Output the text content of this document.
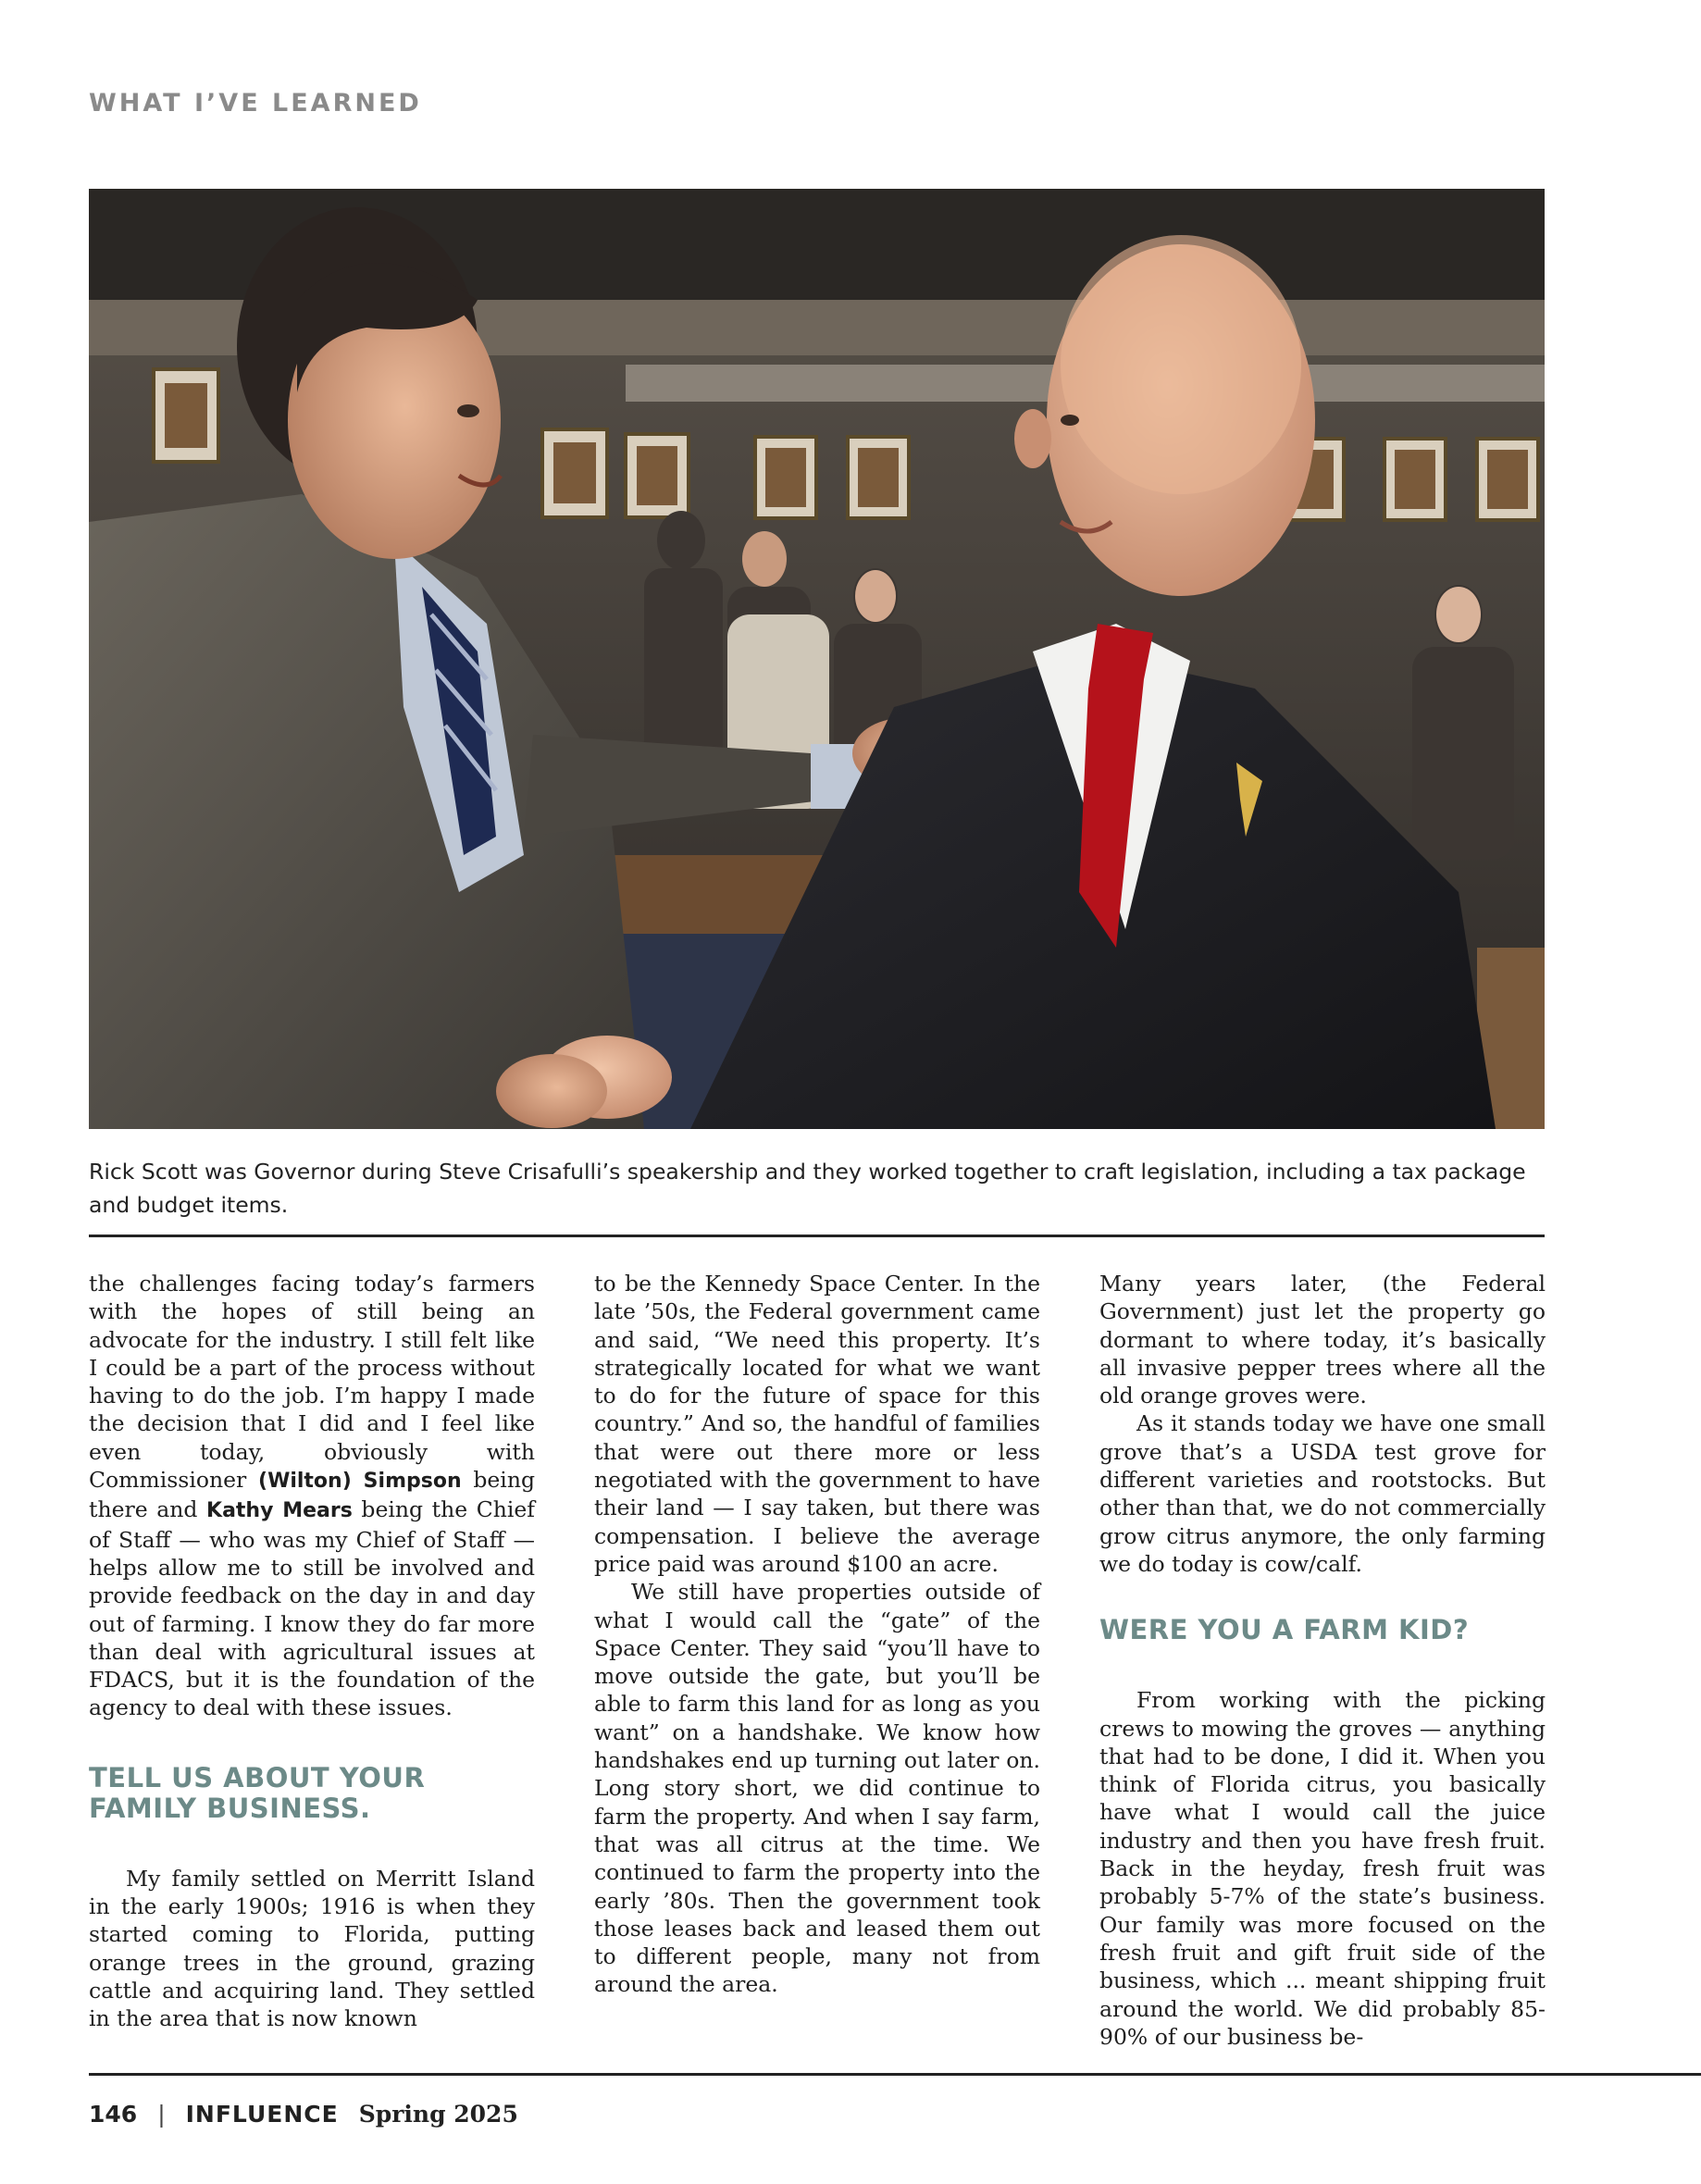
WHAT I’VE LEARNED

Rick Scott was Governor during Steve Crisafulli’s speakership and they worked together to craft legislation, including a tax package and budget items.

the challenges facing today’s farmers with the hopes of still being an advocate for the industry. I still felt like I could be a part of the process without having to do the job. I’m happy I made the decision that I did and I feel like even today, obviously with Commissioner (Wilton) Simpson being there and Kathy Mears being the Chief of Staff — who was my Chief of Staff — helps allow me to still be involved and provide feedback on the day in and day out of farming. I know they do far more than deal with agricultural issues at FDACS, but it is the foundation of the agency to deal with these issues.

TELL US ABOUT YOUR FAMILY BUSINESS.

My family settled on Merritt Island in the early 1900s; 1916 is when they started coming to Florida, putting orange trees in the ground, grazing cattle and acquiring land. They settled in the area that is now known

to be the Kennedy Space Center. In the late ’50s, the Federal government came and said, “We need this property. It’s strategically located for what we want to do for the future of space for this country.” And so, the handful of families that were out there more or less negotiated with the government to have their land — I say taken, but there was compensation. I believe the average price paid was around $100 an acre.

We still have properties outside of what I would call the “gate” of the Space Center. They said “you’ll have to move outside the gate, but you’ll be able to farm this land for as long as you want” on a handshake. We know how handshakes end up turning out later on. Long story short, we did continue to farm the property. And when I say farm, that was all citrus at the time. We continued to farm the property into the early ’80s. Then the government took those leases back and leased them out to different people, many not from around the area.

Many years later, (the Federal Government) just let the property go dormant to where today, it’s basically all invasive pepper trees where all the old orange groves were.

As it stands today we have one small grove that’s a USDA test grove for different varieties and rootstocks. But other than that, we do not commercially grow citrus anymore, the only farming we do today is cow/calf.

WERE YOU A FARM KID?

From working with the picking crews to mowing the groves — anything that had to be done, I did it. When you think of Florida citrus, you basically have what I would call the juice industry and then you have fresh fruit. Back in the heyday, fresh fruit was probably 5-7% of the state’s business. Our family was more focused on the fresh fruit and gift fruit side of the business, which ... meant shipping fruit around the world. We did probably 85-90% of our business be-

146 | INFLUENCE Spring 2025
